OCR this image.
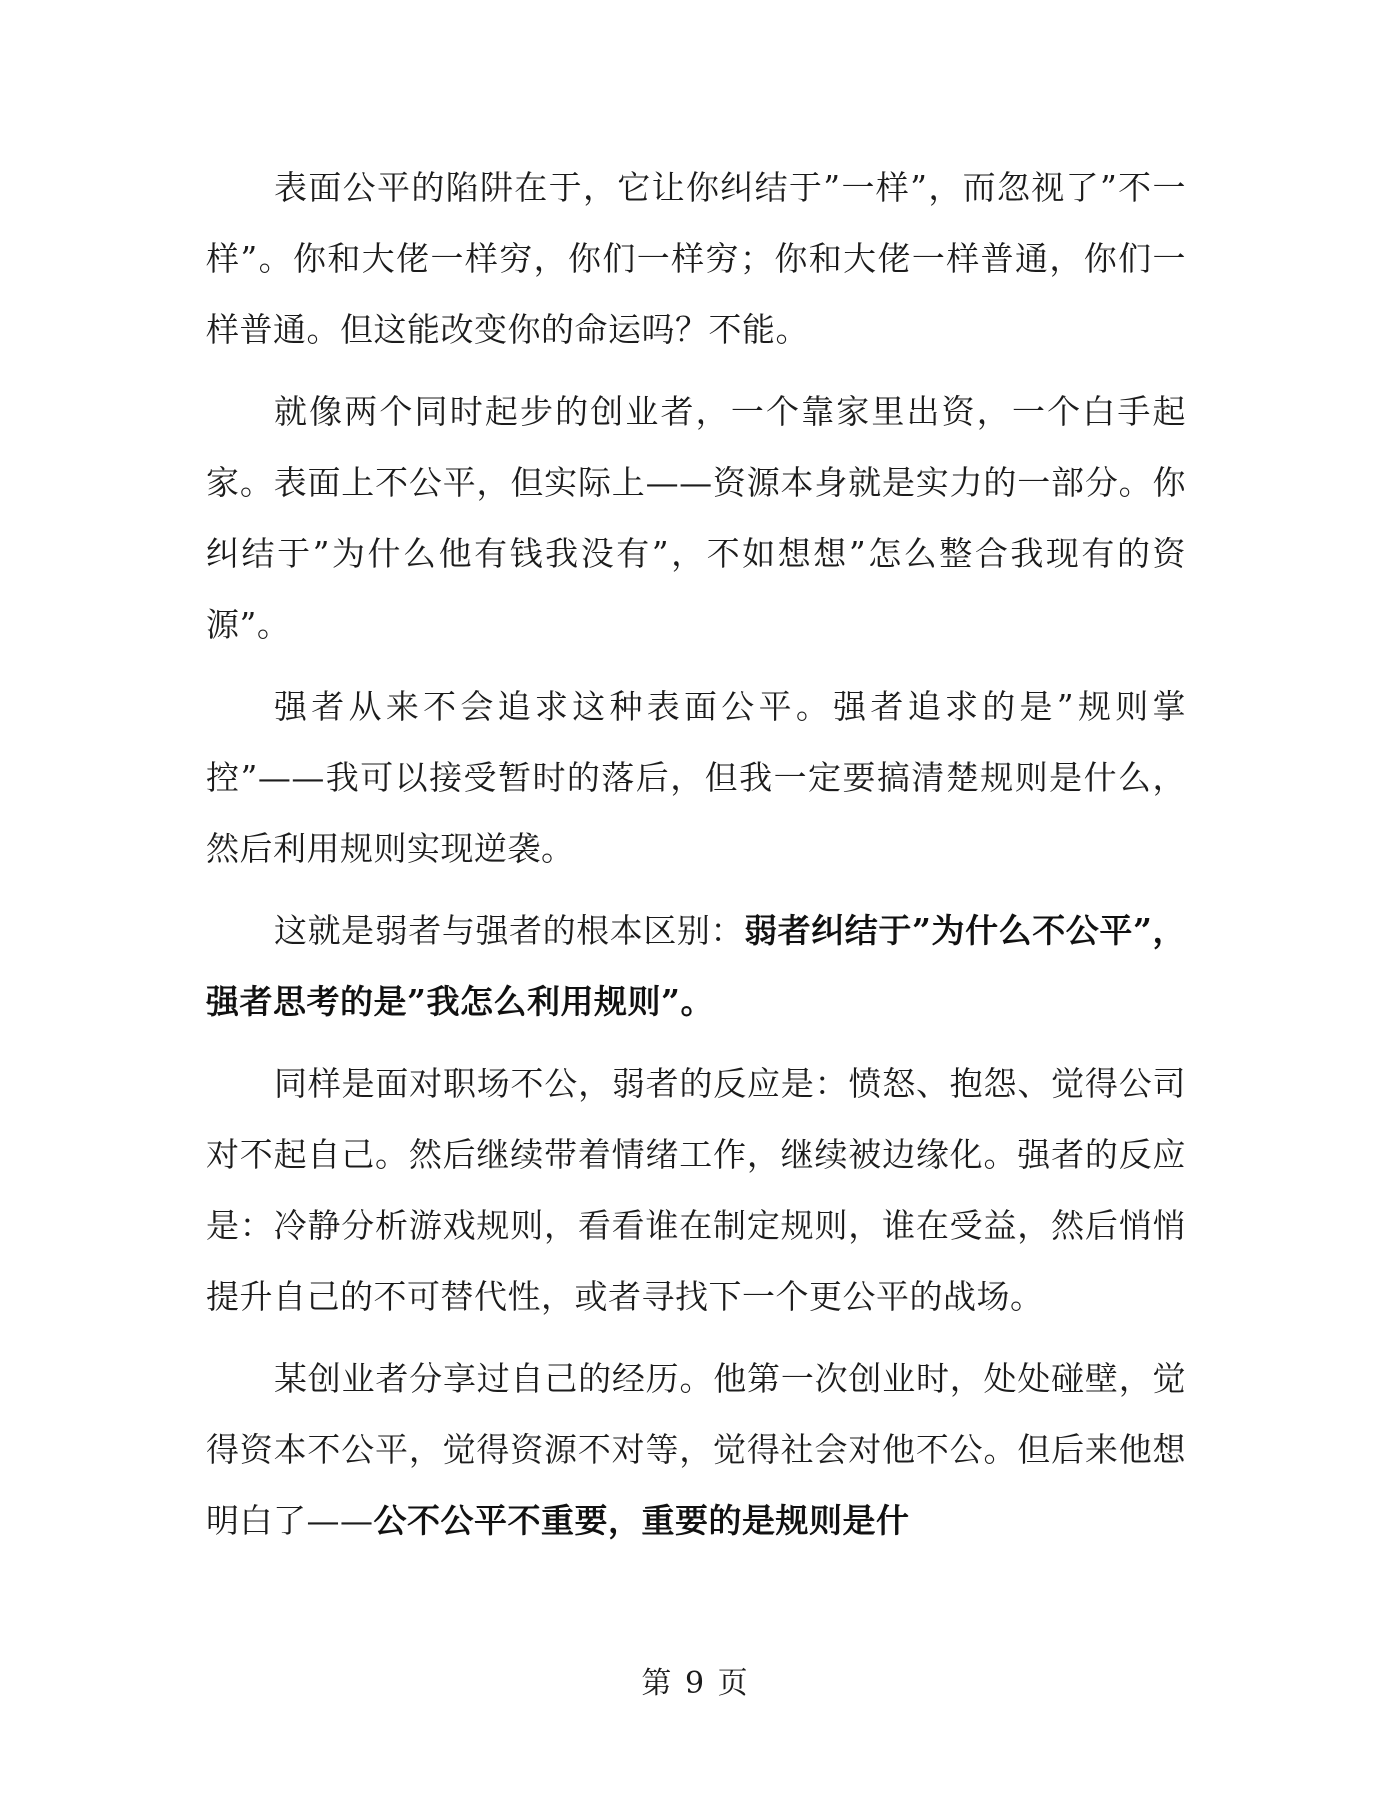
表面公平的陷阱在于，它让你纠结于”一样”，而忽视了”不一样”。你和大佬一样穷，你们一样穷；你和大佬一样普通，你们一样普通。但这能改变你的命运吗？不能。

就像两个同时起步的创业者，一个靠家里出资，一个白手起家。表面上不公平，但实际上——资源本身就是实力的一部分。你纠结于”为什么他有钱我没有”，不如想想”怎么整合我现有的资源”。

强者从来不会追求这种表面公平。强者追求的是”规则掌控”——我可以接受暂时的落后，但我一定要搞清楚规则是什么，然后利用规则实现逆袭。

这就是弱者与强者的根本区别：弱者纠结于”为什么不公平”，强者思考的是”我怎么利用规则”。

同样是面对职场不公，弱者的反应是：愤怒、抱怨、觉得公司对不起自己。然后继续带着情绪工作，继续被边缘化。强者的反应是：冷静分析游戏规则，看看谁在制定规则，谁在受益，然后悄悄提升自己的不可替代性，或者寻找下一个更公平的战场。

某创业者分享过自己的经历。他第一次创业时，处处碰壁，觉得资本不公平，觉得资源不对等，觉得社会对他不公。但后来他想明白了——公不公平不重要，重要的是规则是什

第 9 页
